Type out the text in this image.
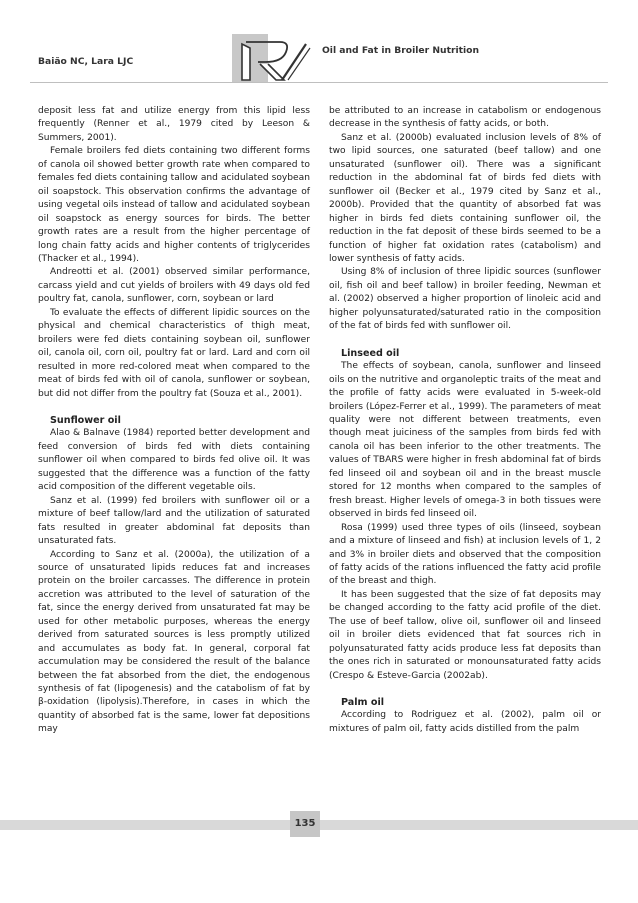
Baião NC, Lara LJC
Oil and Fat in Broiler Nutrition

deposit less fat and utilize energy from this lipid less frequently (Renner et al., 1979 cited by Leeson & Summers, 2001).

Female broilers fed diets containing two different forms of canola oil showed better growth rate when compared to females fed diets containing tallow and acidulated soybean oil soapstock. This observation confirms the advantage of using vegetal oils instead of tallow and acidulated soybean oil soapstock as energy sources for birds. The better growth rates are a result from the higher percentage of long chain fatty acids and higher contents of triglycerides (Thacker et al., 1994).

Andreotti et al. (2001) observed similar performance, carcass yield and cut yields of broilers with 49 days old fed poultry fat, canola, sunflower, corn, soybean or lard

To evaluate the effects of different lipidic sources on the physical and chemical characteristics of thigh meat, broilers were fed diets containing soybean oil, sunflower oil, canola oil, corn oil, poultry fat or lard. Lard and corn oil resulted in more red-colored meat when compared to the meat of birds fed with oil of canola, sunflower or soybean, but did not differ from the poultry fat (Souza et al., 2001).

Sunflower oil

Alao & Balnave (1984) reported better development and feed conversion of birds fed with diets containing sunflower oil when compared to birds fed olive oil. It was suggested that the difference was a function of the fatty acid composition of the different vegetable oils.

Sanz et al. (1999) fed broilers with sunflower oil or a mixture of beef tallow/lard and the utilization of saturated fats resulted in greater abdominal fat deposits than unsaturated fats.

According to Sanz et al. (2000a), the utilization of a source of unsaturated lipids reduces fat and increases protein on the broiler carcasses. The difference in protein accretion was attributed to the level of saturation of the fat, since the energy derived from unsaturated fat may be used for other metabolic purposes, whereas the energy derived from saturated sources is less promptly utilized and accumulates as body fat. In general, corporal fat accumulation may be considered the result of the balance between the fat absorbed from the diet, the endogenous synthesis of fat (lipogenesis) and the catabolism of fat by β-oxidation (lipolysis).Therefore, in cases in which the quantity of absorbed fat is the same, lower fat depositions may

be attributed to an increase in catabolism or endogenous decrease in the synthesis of fatty acids, or both.

Sanz et al. (2000b) evaluated inclusion levels of 8% of two lipid sources, one saturated (beef tallow) and one unsaturated (sunflower oil). There was a significant reduction in the abdominal fat of birds fed diets with sunflower oil (Becker et al., 1979 cited by Sanz et al., 2000b). Provided that the quantity of absorbed fat was higher in birds fed diets containing sunflower oil, the reduction in the fat deposit of these birds seemed to be a function of higher fat oxidation rates (catabolism) and lower synthesis of fatty acids.

Using 8% of inclusion of three lipidic sources (sunflower oil, fish oil and beef tallow) in broiler feeding, Newman et al. (2002) observed a higher proportion of linoleic acid and higher polyunsaturated/saturated ratio in the composition of the fat of birds fed with sunflower oil.

Linseed oil

The effects of soybean, canola, sunflower and linseed oils on the nutritive and organoleptic traits of the meat and the profile of fatty acids were evaluated in 5-week-old broilers (López-Ferrer et al., 1999). The parameters of meat quality were not different between treatments, even though meat juiciness of the samples from birds fed with canola oil has been inferior to the other treatments. The values of TBARS were higher in fresh abdominal fat of birds fed linseed oil and soybean oil and in the breast muscle stored for 12 months when compared to the samples of fresh breast. Higher levels of omega-3 in both tissues were observed in birds fed linseed oil.

Rosa (1999) used three types of oils (linseed, soybean and a mixture of linseed and fish) at inclusion levels of 1, 2 and 3% in broiler diets and observed that the composition of fatty acids of the rations influenced the fatty acid profile of the breast and thigh.

It has been suggested that the size of fat deposits may be changed according to the fatty acid profile of the diet. The use of beef tallow, olive oil, sunflower oil and linseed oil in broiler diets evidenced that fat sources rich in polyunsaturated fatty acids produce less fat deposits than the ones rich in saturated or monounsaturated fatty acids (Crespo & Esteve-Garcia (2002ab).

Palm oil

According to Rodriguez et al. (2002), palm oil or mixtures of palm oil, fatty acids distilled from the palm

135
